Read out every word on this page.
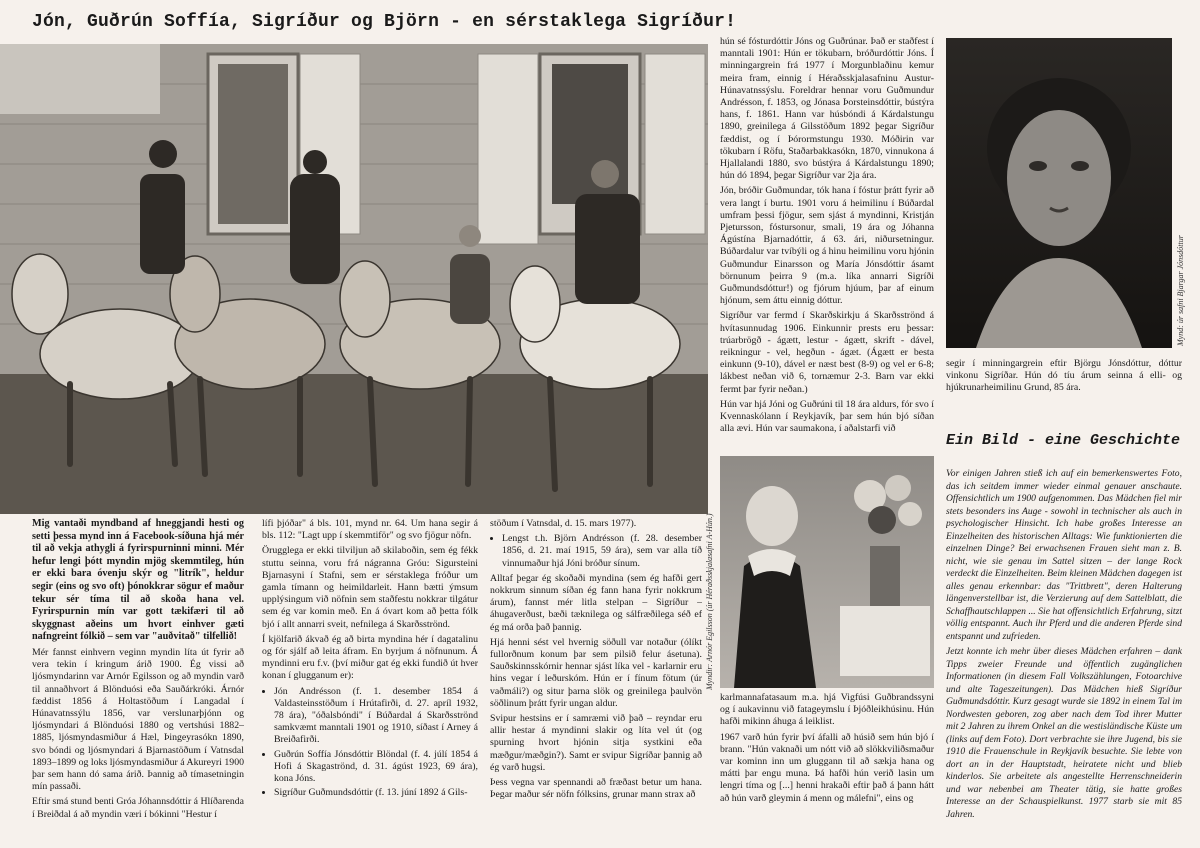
Jón, Guðrún Soffía, Sigríður og Björn - en sérstaklega Sigríður!
Mynd: úr safni Bjargar Jónsdóttur
Myndir: Arnór Egilsson (úr Héraðsskjalasafni A-Hún.)

Mig vantaði myndband af hneggjandi hesti og setti þessa mynd inn á Facebook-síðuna hjá mér til að vekja athygli á fyrirspurninni minni. Mér hefur lengi þótt myndin mjög skemmtileg, hún er ekki bara óvenju skýr og "litrík", heldur segir (eins og svo oft) þónokkrar sögur ef maður tekur sér tíma til að skoða hana vel. Fyrirspurnin mín var gott tækifæri til að skyggnast aðeins um hvort einhver gæti nafngreint fólkið – sem var "auðvitað" tilfellið!

Mér fannst einhvern veginn myndin líta út fyrir að vera tekin í kringum árið 1900. Ég vissi að ljósmyndarinn var Arnór Egilsson og að myndin varð til annaðhvort á Blönduósi eða Sauðárkróki. Árnór fæddist 1856 á Holtastöðum í Langadal í Húnavatnssýlu 1856, var verslunarþjónn og ljósmyndari á Blönduósi 1880 og vertshúsi 1882–1885, ljósmyndasmiður á Hæl, Þingeyrasókn 1890, svo bóndi og ljósmyndari á Bjarnastöðum í Vatnsdal 1893–1899 og loks ljósmyndasmiður á Akureyri 1900 þar sem hann dó sama árið. Þannig að tímasetningin mín passaði.

Eftir smá stund benti Gróa Jóhannsdóttir á Hlíðarenda í Breiðdal á að myndin væri í bókinni "Hestur í

lífi þjóðar" á bls. 101, mynd nr. 64. Um hana segir á bls. 112: "Lagt upp í skemmtiför" og svo fjögur nöfn.

Örugglega er ekki tilviljun að skilaboðin, sem ég fékk stuttu seinna, voru frá nágranna Gróu: Sigursteini Bjarnasyni í Stafni, sem er sérstaklega fróður um gamla tímann og heimildarleit. Hann bætti ýmsum upplýsingum við nöfnin sem staðfestu nokkrar tilgátur sem ég var komin með. En á óvart kom að þetta fólk bjó í allt annarri sveit, nefnilega á Skarðsströnd.

Í kjölfarið ákvað ég að birta myndina hér í dagatalinu og fór sjálf að leita áfram. En byrjum á nöfnunum. Á myndinni eru f.v. (því miður gat ég ekki fundið út hver konan í glugganum er):

• Jón Andrésson (f. 1. desember 1854 á Valdasteinsstöðum í Hrútafirði, d. 27. apríl 1932, 78 ára), "óðalsbóndi" í Búðardal á Skarðsströnd samkvæmt manntali 1901 og 1910, síðast í Arney á Breiðafirði.
• Guðrún Soffía Jónsdóttir Blöndal (f. 4. júlí 1854 á Hofi á Skagaströnd, d. 31. ágúst 1923, 69 ára), kona Jóns.
• Sigríður Guðmundsdóttir (f. 13. júní 1892 á Gils-

stöðum í Vatnsdal, d. 15. mars 1977).

• Lengst t.h. Björn Andrésson (f. 28. desember 1856, d. 21. maí 1915, 59 ára), sem var alla tíð vinnumaður hjá Jóni bróður sínum.

Alltaf þegar ég skoðaði myndina (sem ég hafði gert nokkrum sinnum síðan ég fann hana fyrir nokkrum árum), fannst mér litla stelpan – Sigríður – áhugaverðust, bæði tæknilega og sálfræðilega séð ef ég má orða það þannig.

Hjá henni sést vel hvernig söðull var notaður (ólíkt fullorðnum konum þar sem pilsið felur ásetuna). Sauðskinnsskórnir hennar sjást líka vel - karlarnir eru hins vegar í leðurskóm. Hún er í fínum fötum (úr vaðmáli?) og situr þarna slök og greinilega þaulvön söðlinum þrátt fyrir ungan aldur.

Svipur hestsins er í samræmi við það – reyndar eru allir hestar á myndinni slakir og líta vel út (og spurning hvort hjónin sitja systkini eða mæðgur/mæðgin?). Samt er svipur Sigríðar þannig að ég varð hugsi.

Þess vegna var spennandi að fræðast betur um hana. Þegar maður sér nöfn fólksins, grunar mann strax að

hún sé fósturdóttir Jóns og Guðrúnar. Það er staðfest í manntali 1901: Hún er tökubarn, bróðurdóttir Jóns. Í minningargrein frá 1977 í Morgunblaðinu kemur meira fram, einnig í Héraðsskjalasafninu Austur-Húnavatnssýslu. Foreldrar hennar voru Guðmundur Andrésson, f. 1853, og Jónasa Þorsteinsdóttir, bústýra hans, f. 1861. Hann var húsbóndi á Kárdalstungu 1890, greinilega á Gilsstöðum 1892 þegar Sigríður fæddist, og í Þórormstungu 1930. Móðirin var tökubarn í Röfu, Staðarbakkasókn, 1870, vinnukona á Hjallalandi 1880, svo bústýra á Kárdalstungu 1890; hún dó 1894, þegar Sigríður var 2ja ára.

Jón, bróðir Guðmundar, tók hana í fóstur þrátt fyrir að vera langt í burtu. 1901 voru á heimilinu í Búðardal umfram þessi fjögur, sem sjást á myndinni, Kristján Pjetursson, fóstursonur, smali, 19 ára og Jóhanna Ágústína Bjarnadóttir, á 63. ári, niðursetningur. Búðardalur var tvíbýli og á hinu heimilinu voru hjónin Guðmundur Einarsson og María Jónsdóttir ásamt börnunum þeirra 9 (m.a. líka annarri Sigríði Guðmundsdóttur!) og fjórum hjúum, þar af einum hjónum, sem áttu einnig dóttur.

Sigríður var fermd í Skarðskirkju á Skarðsströnd á hvítasunnudag 1906. Einkunnir prests eru þessar: trúarbrögð - ágætt, lestur - ágætt, skrift - dável, reikningur - vel, hegðun - ágæt. (Ágætt er besta einkunn (9-10), dável er næst best (8-9) og vel er 6-8; lákbest neðan við 6, tornæmur 2-3. Barn var ekki fermt þar fyrir neðan.)

Hún var hjá Jóni og Guðrúni til 18 ára aldurs, fór svo í Kvennaskólann í Reykjavík, þar sem hún bjó síðan alla ævi. Hún var saumakona, í aðalstarfi við

karlmannafatasaum m.a. hjá Vigfúsi Guðbrandssyni og í aukavinnu við fatageymslu í Þjóðleikhúsinu. Hún hafði mikinn áhuga á leiklist.

1967 varð hún fyrir því áfalli að húsið sem hún bjó í brann. "Hún vaknaði um nótt við að slökkviliðsmaður var kominn inn um gluggann til að sækja hana og mátti þar engu muna. Þá hafði hún verið lasin um lengri tíma og [...] henni hrakaði eftir það á þann hátt að hún varð gleymin á menn og málefni", eins og

segir í minningargrein eftir Björgu Jónsdóttur, dóttur vinkonu Sigríðar. Hún dó tíu árum seinna á elli- og hjúkrunarheimilinu Grund, 85 ára.
Ein Bild - eine Geschichte

Vor einigen Jahren stieß ich auf ein bemerkenswertes Foto, das ich seitdem immer wieder einmal genauer anschaute. Offensichtlich um 1900 aufgenommen. Das Mädchen fiel mir stets besonders ins Auge - sowohl in technischer als auch in psychologischer Hinsicht. Ich habe großes Interesse an Einzelheiten des historischen Alltags: Wie funktionierten die einzelnen Dinge? Bei erwachsenen Frauen sieht man z. B. nicht, wie sie genau im Sattel sitzen – der lange Rock verdeckt die Einzelheiten. Beim kleinen Mädchen dagegen ist alles genau erkennbar: das "Trittbrett", deren Halterung längenverstellbar ist, die Verzierung auf dem Sattelblatt, die Schaffhautschlappen ... Sie hat offensichtlich Erfahrung, sitzt völlig entspannt. Auch ihr Pferd und die anderen Pferde sind entspannt und zufrieden.

Jetzt konnte ich mehr über dieses Mädchen erfahren – dank Tipps zweier Freunde und öffentlich zugänglichen Informationen (in diesem Fall Volkszählungen, Fotoarchive und alte Tageszeitungen). Das Mädchen hieß Sigríður Guðmundsdóttir. Kurz gesagt wurde sie 1892 in einem Tal im Nordwesten geboren, zog aber nach dem Tod ihrer Mutter mit 2 Jahren zu ihrem Onkel an die westisländische Küste um (links auf dem Foto). Dort verbrachte sie ihre Jugend, bis sie 1910 die Frauenschule in Reykjavík besuchte. Sie lebte von dort an in der Hauptstadt, heiratete nicht und blieb kinderlos. Sie arbeitete als angestellte Herrenschneiderin und war nebenbei am Theater tätig, sie hatte großes Interesse an der Schauspielkunst. 1977 starb sie mit 85 Jahren.
